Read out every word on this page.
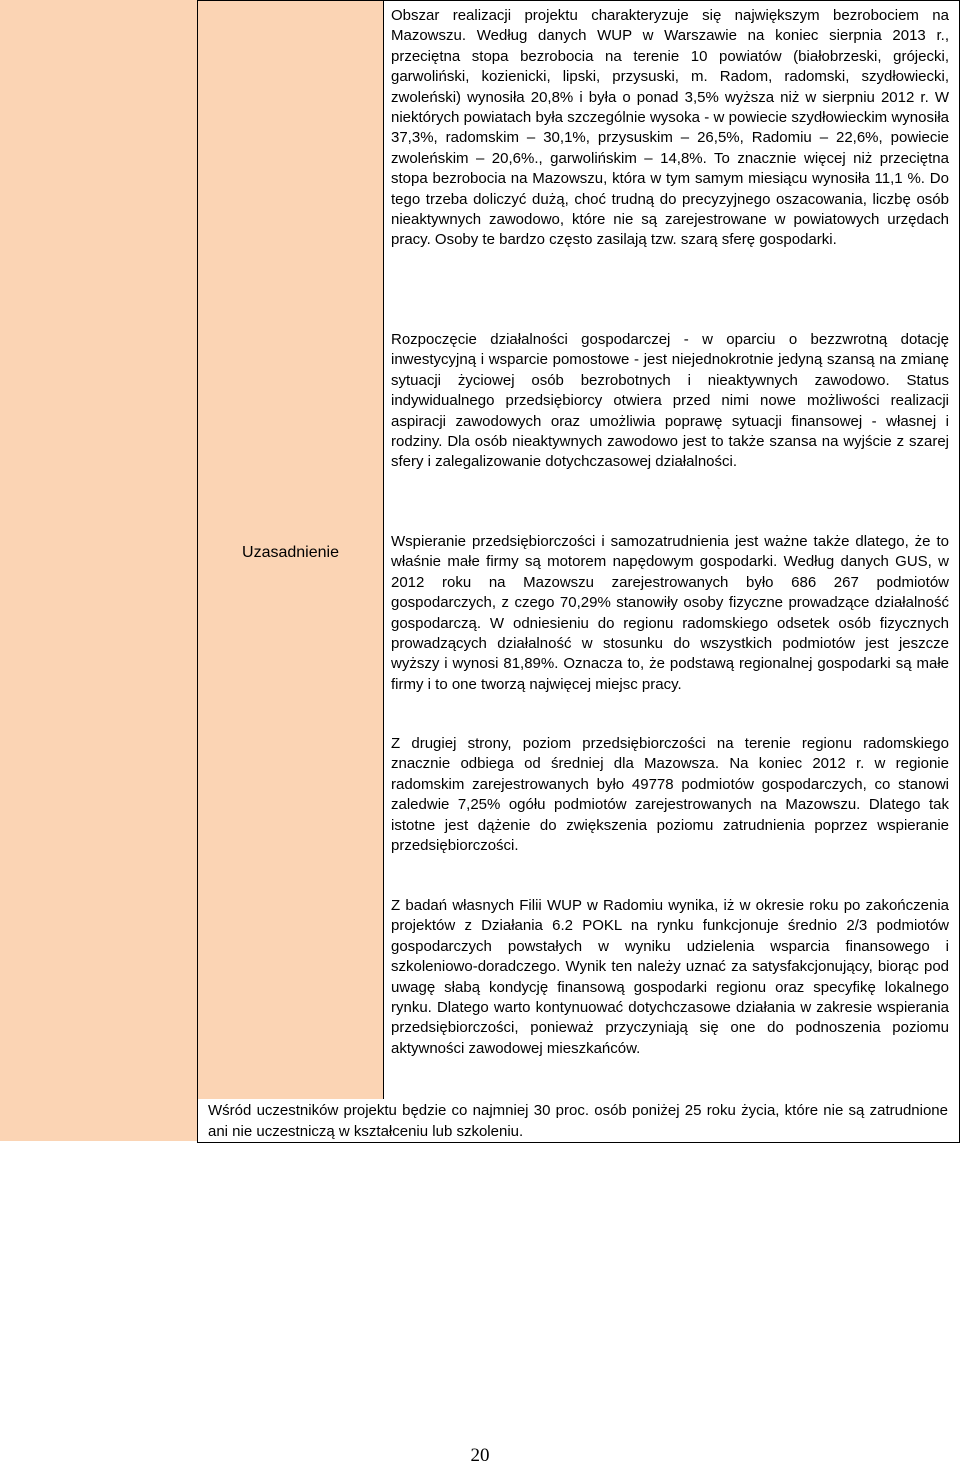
Uzasadnienie

Obszar realizacji projektu charakteryzuje się największym bezrobociem na Mazowszu. Według danych WUP w Warszawie na koniec sierpnia 2013 r., przeciętna stopa bezrobocia na terenie 10 powiatów (białobrzeski, grójecki, garwoliński, kozienicki, lipski, przysuski, m. Radom, radomski, szydłowiecki, zwoleński) wynosiła 20,8% i była o ponad 3,5% wyższa niż w sierpniu 2012 r. W niektórych powiatach była szczególnie wysoka - w powiecie szydłowieckim wynosiła 37,3%, radomskim – 30,1%, przysuskim – 26,5%, Radomiu – 22,6%, powiecie zwoleńskim – 20,6%., garwolińskim – 14,8%. To znacznie więcej niż przeciętna stopa bezrobocia na Mazowszu, która w tym samym miesiącu wynosiła 11,1 %. Do tego trzeba doliczyć dużą, choć trudną do precyzyjnego oszacowania, liczbę osób nieaktywnych zawodowo, które nie są zarejestrowane w powiatowych urzędach pracy. Osoby te bardzo często zasilają tzw. szarą sferę gospodarki.

Rozpoczęcie działalności gospodarczej - w oparciu o bezzwrotną dotację inwestycyjną i wsparcie pomostowe - jest niejednokrotnie jedyną szansą na zmianę sytuacji życiowej osób bezrobotnych i nieaktywnych zawodowo. Status indywidualnego przedsiębiorcy otwiera przed nimi nowe możliwości realizacji aspiracji zawodowych oraz umożliwia poprawę sytuacji finansowej - własnej i rodziny. Dla osób nieaktywnych zawodowo jest to także szansa na wyjście z szarej sfery i zalegalizowanie dotychczasowej działalności.

Wspieranie przedsiębiorczości i samozatrudnienia jest ważne także dlatego, że to właśnie małe firmy są motorem napędowym gospodarki. Według danych GUS, w 2012 roku na Mazowszu zarejestrowanych było 686 267 podmiotów gospodarczych, z czego 70,29% stanowiły osoby fizyczne prowadzące działalność gospodarczą. W odniesieniu do regionu radomskiego odsetek osób fizycznych prowadzących działalność w stosunku do wszystkich podmiotów jest jeszcze wyższy i wynosi 81,89%. Oznacza to, że podstawą regionalnej gospodarki są małe firmy i to one tworzą najwięcej miejsc pracy.

Z drugiej strony, poziom przedsiębiorczości na terenie regionu radomskiego znacznie odbiega od średniej dla Mazowsza. Na koniec 2012 r. w regionie radomskim zarejestrowanych było 49778 podmiotów gospodarczych, co stanowi zaledwie 7,25% ogółu podmiotów zarejestrowanych na Mazowszu. Dlatego tak istotne jest dążenie do zwiększenia poziomu zatrudnienia poprzez wspieranie przedsiębiorczości.

Z badań własnych Filii WUP w Radomiu wynika, iż w okresie roku po zakończenia projektów z Działania 6.2 POKL na rynku funkcjonuje średnio 2/3 podmiotów gospodarczych powstałych w wyniku udzielenia wsparcia finansowego i szkoleniowo-doradczego. Wynik ten należy uznać za satysfakcjonujący, biorąc pod uwagę słabą kondycję finansową gospodarki regionu oraz specyfikę lokalnego rynku. Dlatego warto kontynuować dotychczasowe działania w zakresie wspierania przedsiębiorczości, ponieważ przyczyniają się one do podnoszenia poziomu aktywności zawodowej mieszkańców.

Wśród uczestników projektu będzie co najmniej 30 proc. osób poniżej 25 roku życia, które nie są zatrudnione ani nie uczestniczą w kształceniu lub szkoleniu.
20
